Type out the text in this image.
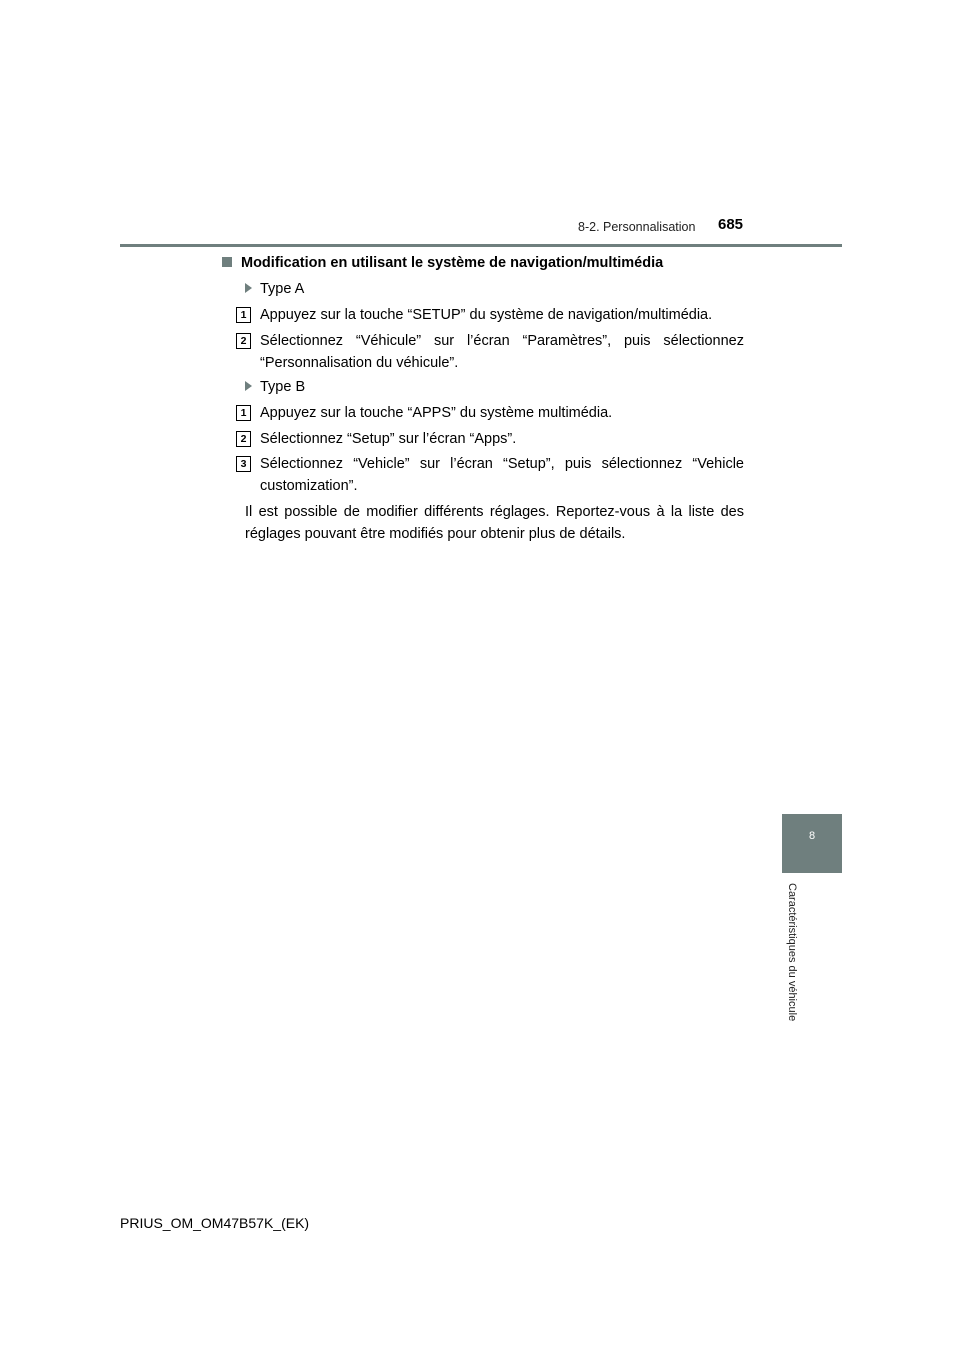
8-2. Personnalisation 685
Modification en utilisant le système de navigation/multimédia
Type A
1 Appuyez sur la touche “SETUP” du système de navigation/multimédia.
2 Sélectionnez “Véhicule” sur l’écran “Paramètres”, puis sélectionnez “Personnalisation du véhicule”.
Type B
1 Appuyez sur la touche “APPS” du système multimédia.
2 Sélectionnez “Setup” sur l’écran “Apps”.
3 Sélectionnez “Vehicle” sur l’écran “Setup”, puis sélectionnez “Vehicle customization”.
Il est possible de modifier différents réglages. Reportez-vous à la liste des réglages pouvant être modifiés pour obtenir plus de détails.
8
Caractéristiques du véhicule
PRIUS_OM_OM47B57K_(EK)
